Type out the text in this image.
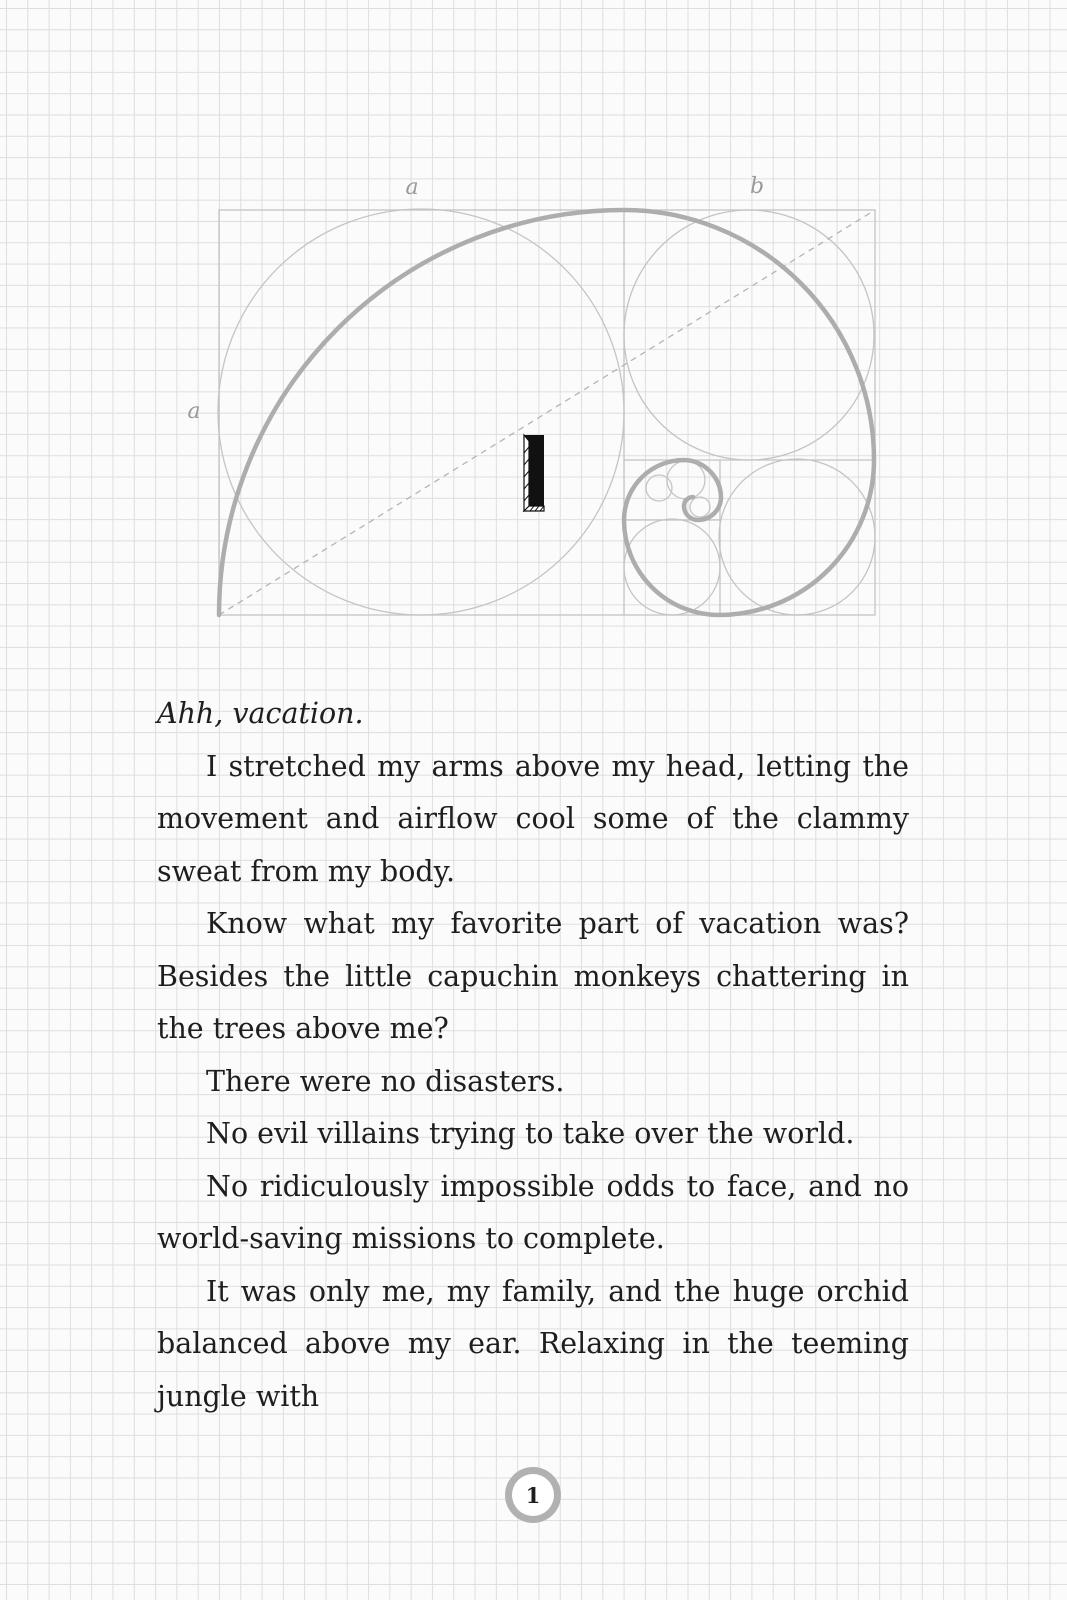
a	b
a

Ahh, vacation.

I stretched my arms above my head, letting the movement and airflow cool some of the clammy sweat from my body.

Know what my favorite part of vacation was? Besides the little capuchin monkeys chattering in the trees above me?

There were no disasters.

No evil villains trying to take over the world.

No ridiculously impossible odds to face, and no world-saving missions to complete.

It was only me, my family, and the huge orchid balanced above my ear. Relaxing in the teeming jungle with

1
